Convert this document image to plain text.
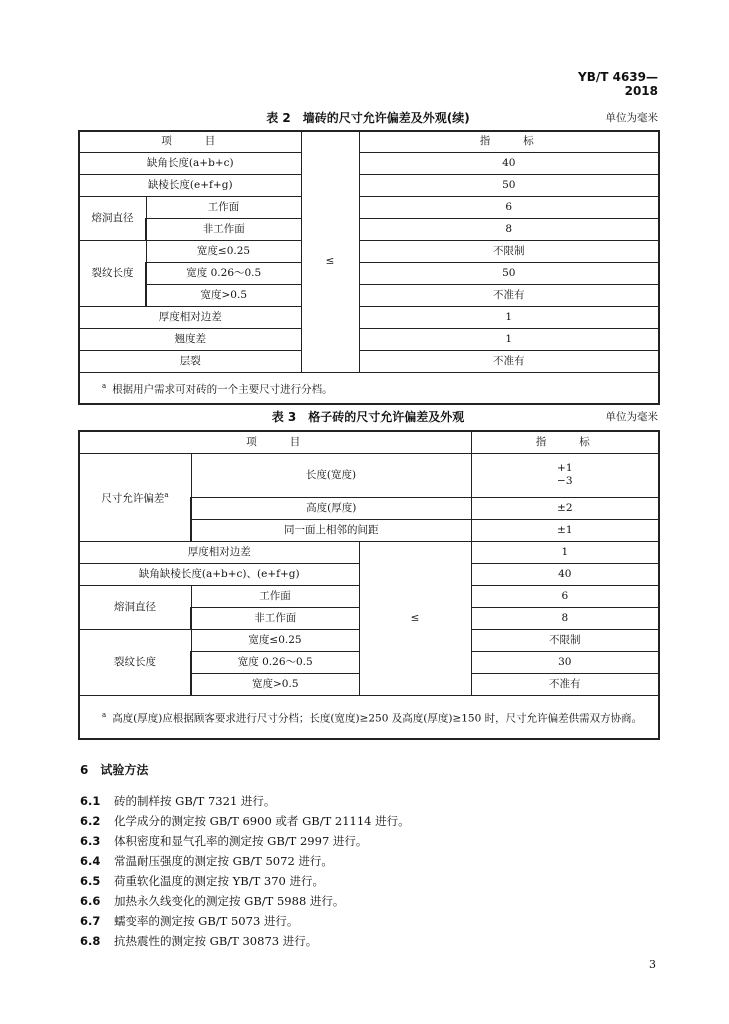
YB/T 4639—2018
表 2　墙砖的尺寸允许偏差及外观(续)	单位为毫米
项　　目			指　　标
缺角长度(a+b+c)		≤	40
缺棱长度(e+f+g)			50
熔洞直径	工作面		6
	非工作面		8
裂纹长度	宽度≤0.25		不限制
	宽度 0.26～0.5		50
	宽度>0.5		不准有
厚度相对边差			1
翘度差			1
层裂			不准有
$^a$ 根据用户需求可对砖的一个主要尺寸进行分档。			
表 3　格子砖的尺寸允许偏差及外观	单位为毫米
项　　目			指　　标
尺寸允许偏差$^a$	长度(宽度)		+1
−3

	高度(厚度)		±2
	同一面上相邻的间距		±1
厚度相对边差		≤	1
缺角缺棱长度(a+b+c)、(e+f+g)			40
熔洞直径	工作面		6
	非工作面		8
裂纹长度	宽度≤0.25		不限制
	宽度 0.26～0.5		30
	宽度>0.5		不准有
$^a$ 高度(厚度)应根据顾客要求进行尺寸分档；长度(宽度)≥250 及高度(厚度)≥150 时，尺寸允许偏差供需双方协商。			
6　试验方法
6.1 砖的制样按 GB/T 7321 进行。
6.2 化学成分的测定按 GB/T 6900 或者 GB/T 21114 进行。
6.3 体积密度和显气孔率的测定按 GB/T 2997 进行。
6.4 常温耐压强度的测定按 GB/T 5072 进行。
6.5 荷重软化温度的测定按 YB/T 370 进行。
6.6 加热永久线变化的测定按 GB/T 5988 进行。
6.7 蠕变率的测定按 GB/T 5073 进行。
6.8 抗热震性的测定按 GB/T 30873 进行。
3
